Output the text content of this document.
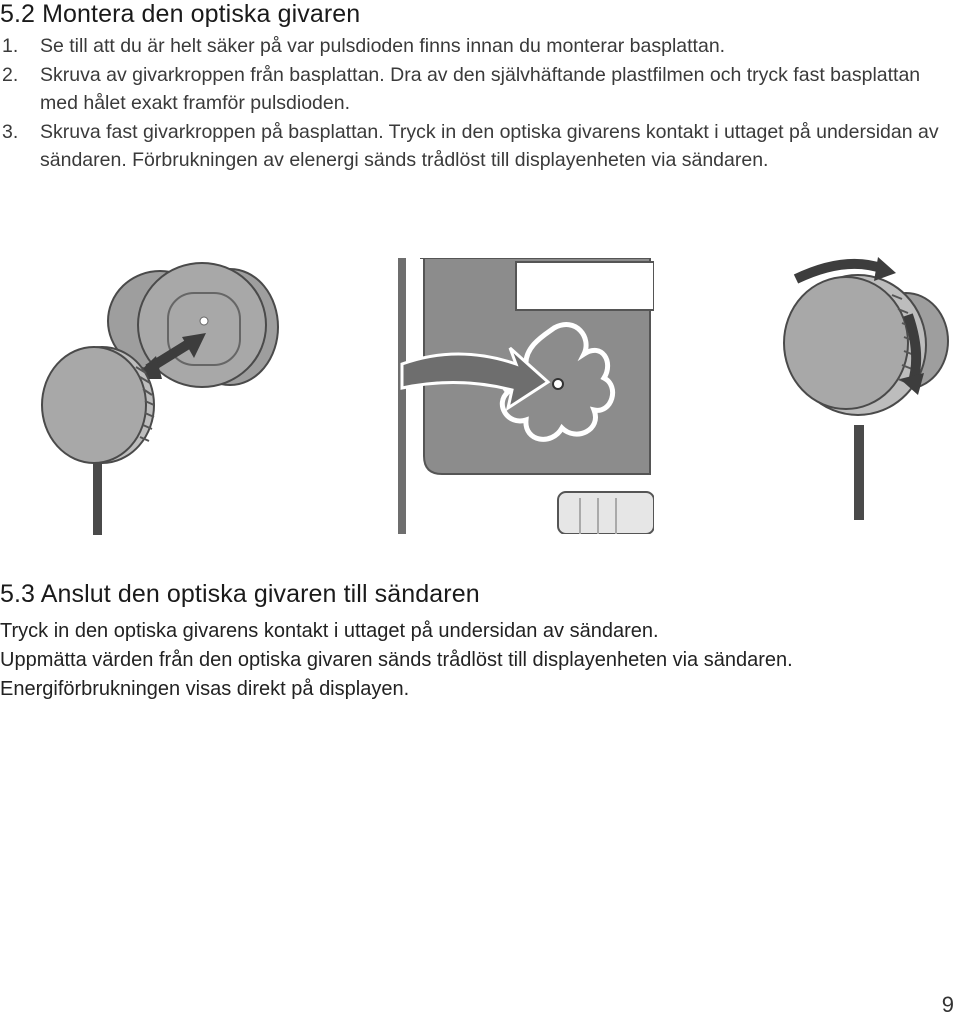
5.2 Montera den optiska givaren
1. Se till att du är helt säker på var pulsdioden finns innan du monterar basplattan.
2. Skruva av givarkroppen från basplattan. Dra av den självhäftande plastfilmen och tryck fast basplattan med hålet exakt framför pulsdioden.
3. Skruva fast givarkroppen på basplattan. Tryck in den optiska givarens kontakt i uttaget på undersidan av sändaren. Förbrukningen av elenergi sänds trådlöst till displayenheten via sändaren.
5.3 Anslut den optiska givaren till sändaren

Tryck in den optiska givarens kontakt i uttaget på undersidan av sändaren.

Uppmätta värden från den optiska givaren sänds trådlöst till displayenheten via sändaren.

Energiförbrukningen visas direkt på displayen.

9
